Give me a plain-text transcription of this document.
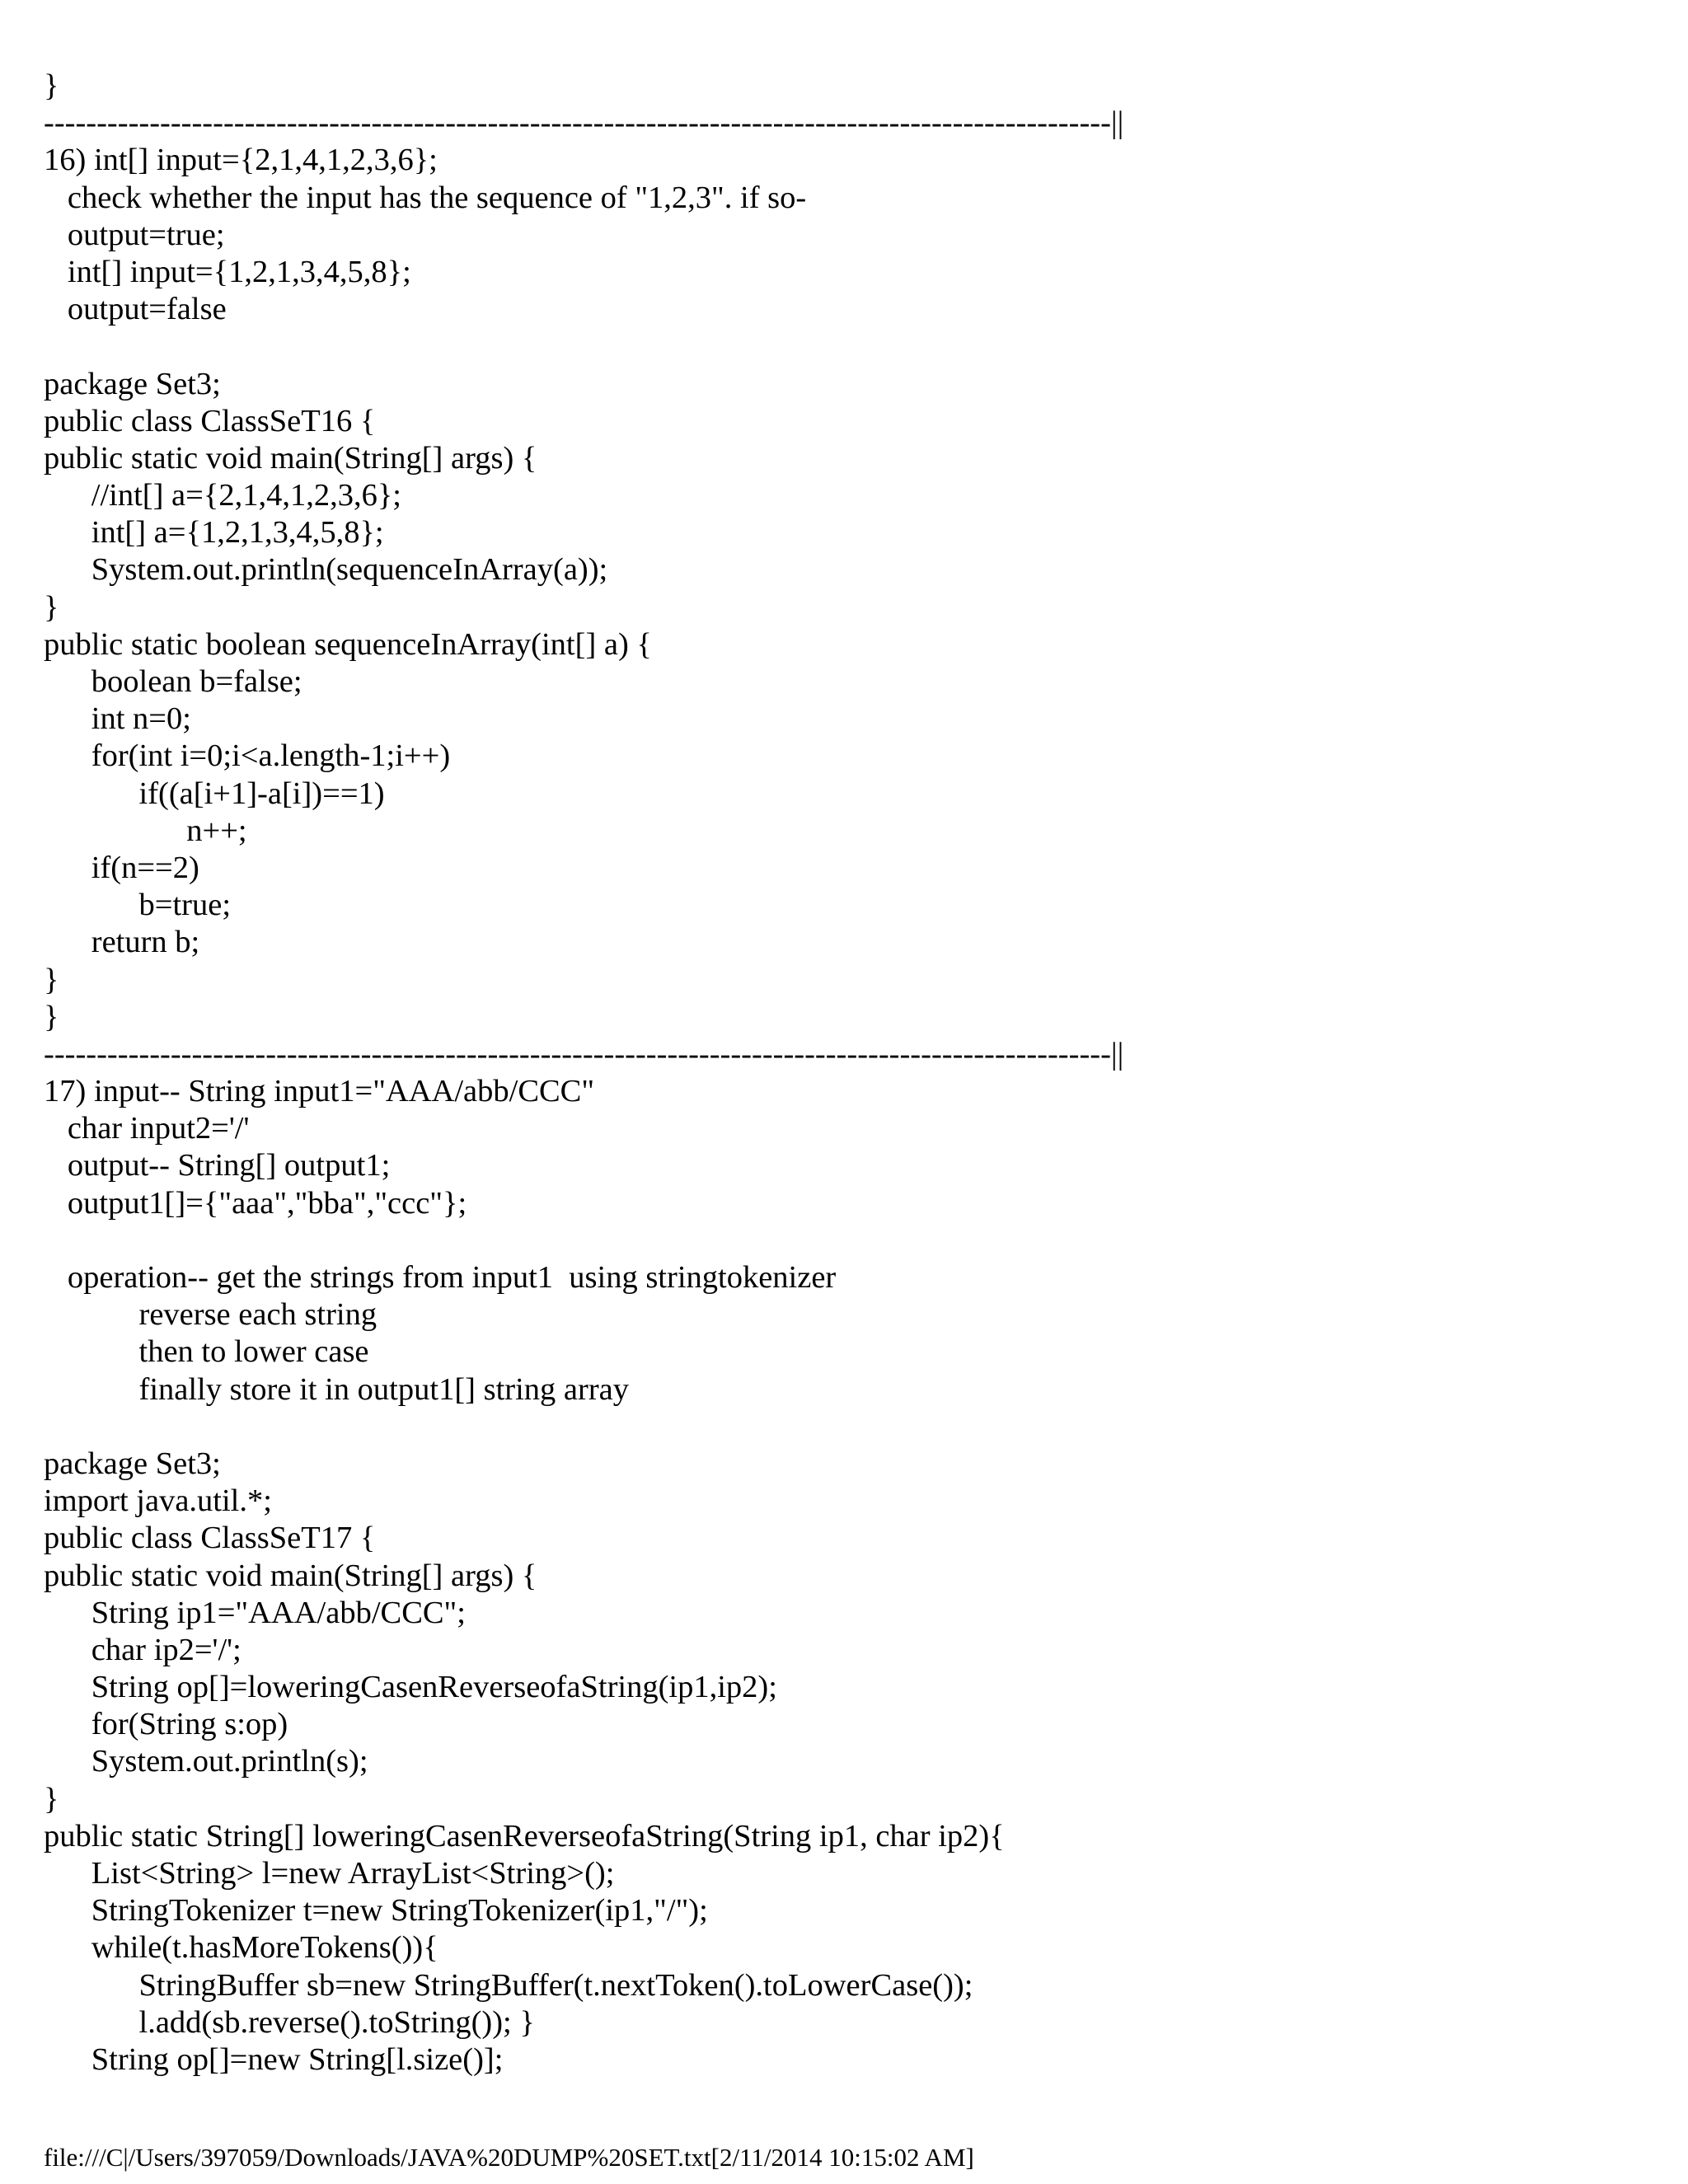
}
-----------------------------------------------------------------------------------------------------||
16) int[] input={2,1,4,1,2,3,6};
check whether the input has the sequence of "1,2,3". if so-
output=true;
int[] input={1,2,1,3,4,5,8};
output=false
package Set3;
public class ClassSeT16 {
public static void main(String[] args) {
//int[] a={2,1,4,1,2,3,6};
int[] a={1,2,1,3,4,5,8};
System.out.println(sequenceInArray(a));
}
public static boolean sequenceInArray(int[] a) {
boolean b=false;
int n=0;
for(int i=0;i<a.length-1;i++)
if((a[i+1]-a[i])==1)
n++;
if(n==2)
b=true;
return b;
}
}
-----------------------------------------------------------------------------------------------------||
17) input-- String input1="AAA/abb/CCC"
char input2='/'
output-- String[] output1;
output1[]={"aaa","bba","ccc"};
operation-- get the strings from input1  using stringtokenizer
reverse each string
then to lower case
finally store it in output1[] string array
package Set3;
import java.util.*;
public class ClassSeT17 {
public static void main(String[] args) {
String ip1="AAA/abb/CCC";
char ip2='/';
String op[]=loweringCasenReverseofaString(ip1,ip2);
for(String s:op)
System.out.println(s);
}
public static String[] loweringCasenReverseofaString(String ip1, char ip2){
List<String> l=new ArrayList<String>();
StringTokenizer t=new StringTokenizer(ip1,"/");
while(t.hasMoreTokens()){
StringBuffer sb=new StringBuffer(t.nextToken().toLowerCase());
l.add(sb.reverse().toString()); }
String op[]=new String[l.size()];
file:///C|/Users/397059/Downloads/JAVA%20DUMP%20SET.txt[2/11/2014 10:15:02 AM]
